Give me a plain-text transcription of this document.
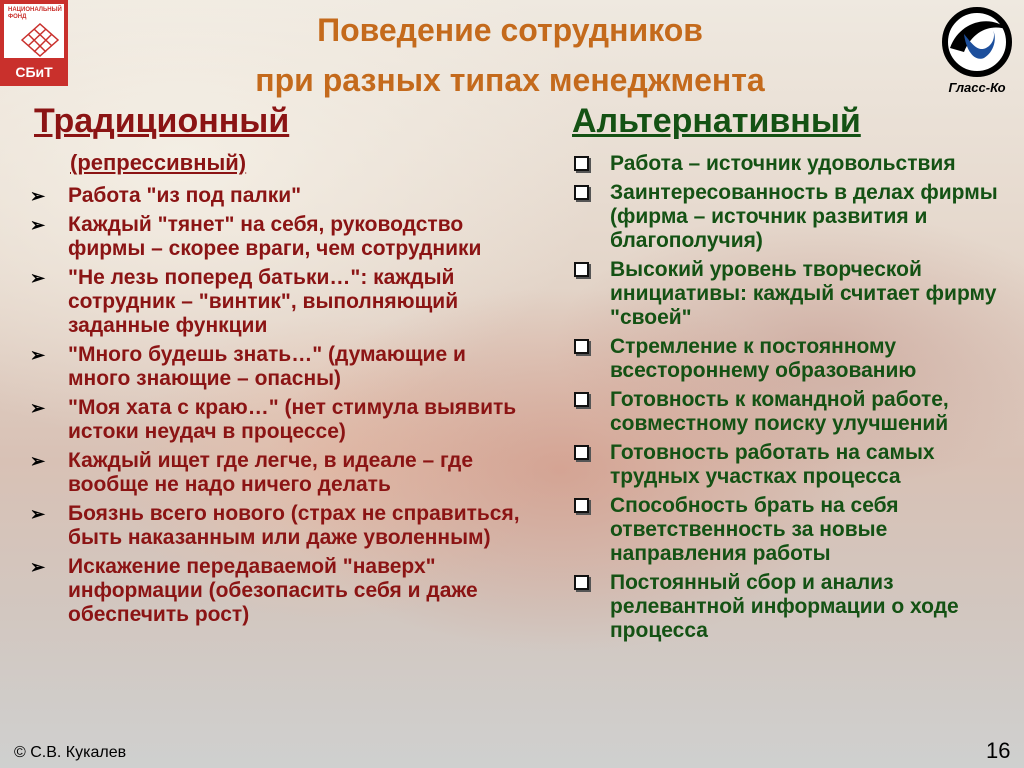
НАЦИОНАЛЬНЫЙ ФОНД
СБиТ
Гласс-Ко
Поведение сотрудников
при разных типах менеджмента
Традиционный
(репрессивный)
Альтернативный
➢ Работа "из под палки"
➢ Каждый "тянет" на себя, руководство фирмы – скорее враги, чем сотрудники
➢ "Не лезь поперед батьки…": каждый сотрудник – "винтик", выполняющий заданные функции
➢ "Много будешь знать…" (думающие и много знающие – опасны)
➢ "Моя хата с краю…" (нет стимула выявить истоки неудач в процессе)
➢ Каждый ищет где легче, в идеале – где вообще не надо ничего делать
➢ Боязнь всего нового (страх не справиться, быть наказанным или даже уволенным)
➢ Искажение передаваемой "наверх" информации (обезопасить себя и даже обеспечить рост)
Работа – источник удовольствия
Заинтересованность в делах фирмы (фирма – источник развития и благополучия)
Высокий уровень творческой инициативы: каждый считает фирму "своей"
Стремление к постоянному всестороннему образованию
Готовность к командной работе, совместному поиску улучшений
Готовность работать на самых трудных участках процесса
Способность брать на себя ответственность за новые направления работы
Постоянный сбор и анализ релевантной информации о ходе процесса
© С.В. Кукалев	16
